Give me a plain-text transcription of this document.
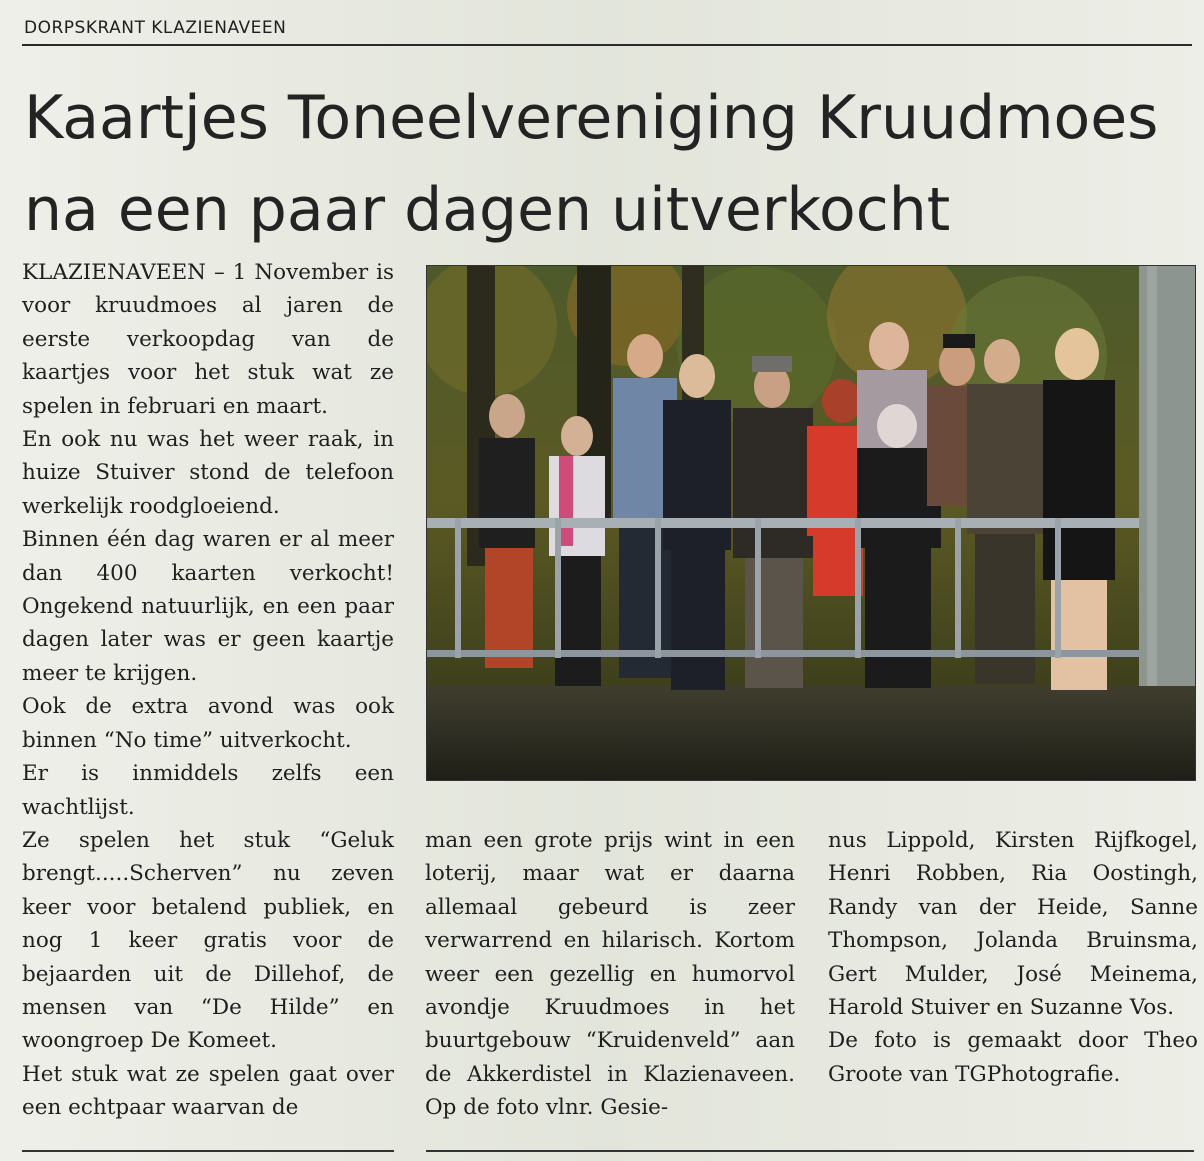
DORPSKRANT KLAZIENAVEEN
Kaartjes Toneelvereniging Kruudmoes na een paar dagen uitverkocht

KLAZIENAVEEN – 1 November is voor kruudmoes al jaren de eerste verkoopdag van de kaartjes voor het stuk wat ze spelen in februari en maart.

En ook nu was het weer raak, in huize Stuiver stond de telefoon werkelijk roodgloeiend.

Binnen één dag waren er al meer dan 400 kaarten verkocht! Ongekend natuurlijk, en een paar dagen later was er geen kaartje meer te krijgen.

Ook de extra avond was ook binnen “No time” uitverkocht.

Er is inmiddels zelfs een wachtlijst.

Ze spelen het stuk “Geluk brengt.....Scherven” nu zeven keer voor betalend publiek, en nog 1 keer gratis voor de bejaarden uit de Dillehof, de mensen van “De Hilde” en woongroep De Komeet.

Het stuk wat ze spelen gaat over een echtpaar waarvan de

man een grote prijs wint in een loterij, maar wat er daarna allemaal gebeurd is zeer verwarrend en hilarisch. Kortom weer een gezellig en humorvol avondje Kruudmoes in het buurtgebouw “Kruidenveld” aan de Akkerdistel in Klazienaveen. Op de foto vlnr. Gesie-

nus Lippold, Kirsten Rijfkogel, Henri Robben, Ria Oostingh, Randy van der Heide, Sanne Thompson, Jolanda Bruinsma, Gert Mulder, José Meinema, Harold Stuiver en Suzanne Vos.

De foto is gemaakt door Theo Groote van TGPhotografie.
